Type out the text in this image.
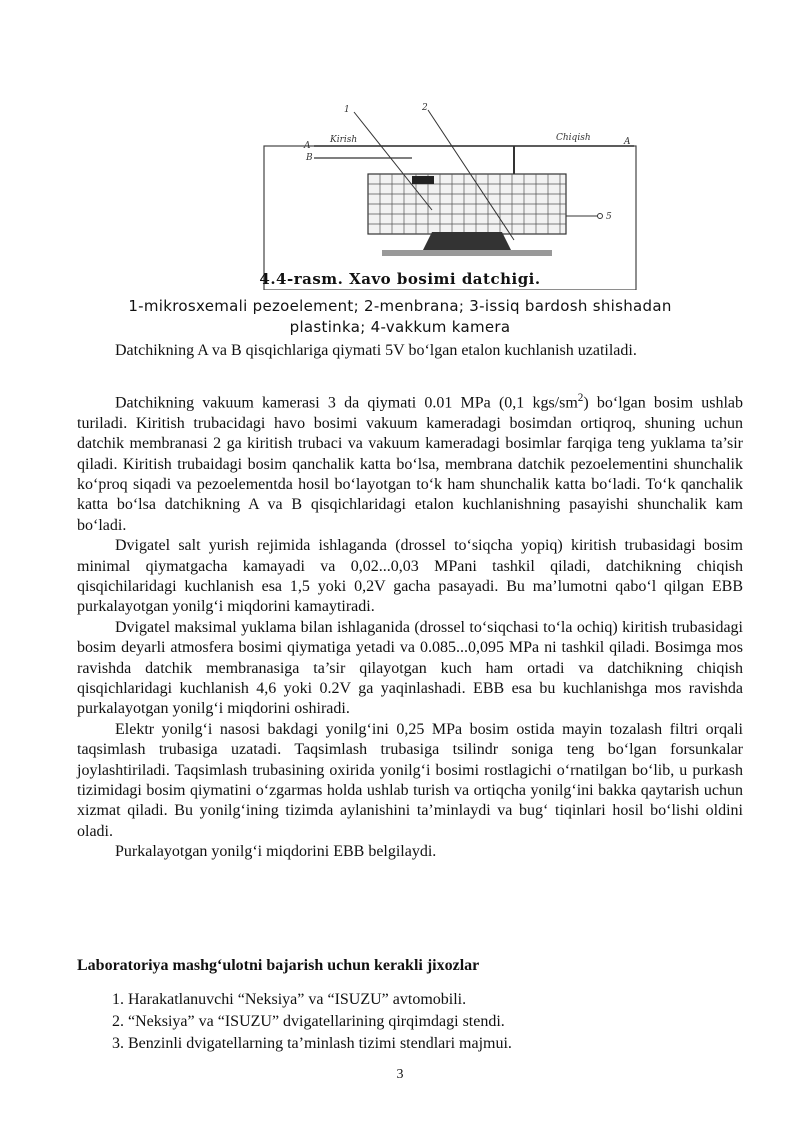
1	2
Kirish	Chiqish
A	A
B
5
4.4-rasm. Xavo bosimi datchigi.
1-mikrosxemali pezoelement; 2-menbrana; 3-issiq bardosh shishadan plastinka; 4-vakkum kamera

Datchikning A va B qisqichlariga qiymati 5V bo‘lgan etalon kuchlanish uzatiladi.

Datchikning vakuum kamerasi 3 da qiymati 0.01 MPa (0,1 kgs/$sm^2$) bo‘lgan bosim ushlab turiladi. Kiritish trubacidagi havo bosimi vakuum kameradagi bosimdan ortiqroq, shuning uchun datchik membranasi 2 ga kiritish trubaci va vakuum kameradagi bosimlar farqiga teng yuklama ta’sir qiladi. Kiritish trubaidagi bosim qanchalik katta bo‘lsa, membrana datchik pezoelementini shunchalik ko‘proq siqadi va pezoelementda hosil bo‘layotgan to‘k ham shunchalik katta bo‘ladi. To‘k qanchalik katta bo‘lsa datchikning A va B qisqichlaridagi etalon kuchlanishning pasayishi shunchalik kam bo‘ladi.

Dvigatel salt yurish rejimida ishlaganda (drossel to‘siqcha yopiq) kiritish trubasidagi bosim minimal qiymatgacha kamayadi va 0,02...0,03 MPani tashkil qiladi, datchikning chiqish qisqichilaridagi kuchlanish esa 1,5 yoki 0,2V gacha pasayadi. Bu ma’lumotni qabo‘l qilgan EBB purkalayotgan yonilg‘i miqdorini kamaytiradi.

Dvigatel maksimal yuklama bilan ishlaganida (drossel to‘siqchasi to‘la ochiq) kiritish trubasidagi bosim deyarli atmosfera bosimi qiymatiga yetadi va 0.085...0,095 MPa ni tashkil qiladi. Bosimga mos ravishda datchik membranasiga ta’sir qilayotgan kuch ham ortadi va datchikning chiqish qisqichlaridagi kuchlanish 4,6 yoki 0.2V ga yaqinlashadi. EBB esa bu kuchlanishga mos ravishda purkalayotgan yonilg‘i miqdorini oshiradi.

Elektr yonilg‘i nasosi bakdagi yonilg‘ini 0,25 MPa bosim ostida mayin tozalash filtri orqali taqsimlash trubasiga uzatadi. Taqsimlash trubasiga tsilindr soniga teng bo‘lgan forsunkalar joylashtiriladi. Taqsimlash trubasining oxirida yonilg‘i bosimi rostlagichi o‘rnatilgan bo‘lib, u purkash tizimidagi bosim qiymatini o‘zgarmas holda ushlab turish va ortiqcha yonilg‘ini bakka qaytarish uchun xizmat qiladi. Bu yonilg‘ining tizimda aylanishini ta’minlaydi va bug‘ tiqinlari hosil bo‘lishi oldini oladi.

Purkalayotgan yonilg‘i miqdorini EBB belgilaydi.

Laboratoriya mashg‘ulotni bajarish uchun kerakli jixozlar
1. Harakatlanuvchi “Neksiya” va “ISUZU” avtomobili.
2. “Neksiya” va “ISUZU” dvigatellarining qirqimdagi stendi.
3. Benzinli dvigatellarning ta’minlash tizimi stendlari majmui.
3
